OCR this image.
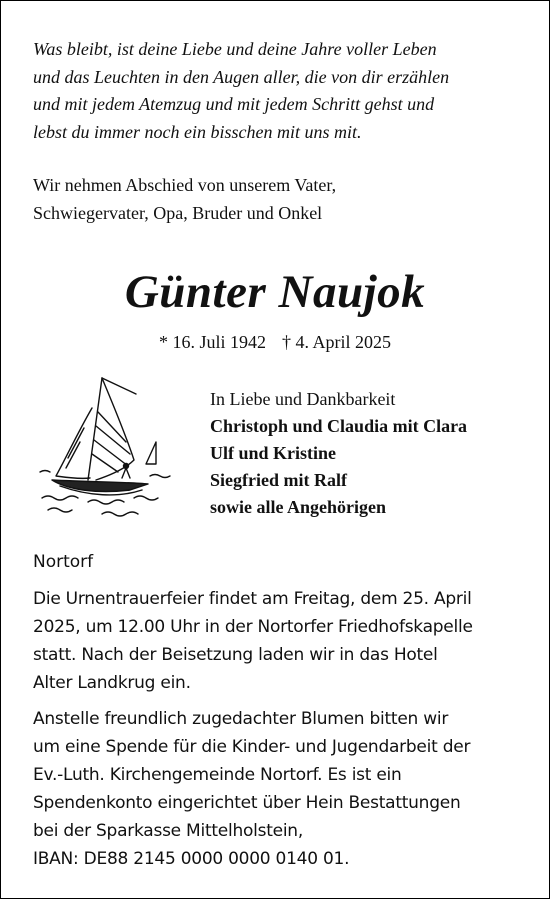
Was bleibt, ist deine Liebe und deine Jahre voller Leben
und das Leuchten in den Augen aller, die von dir erzählen
und mit jedem Atemzug und mit jedem Schritt gehst und
lebst du immer noch ein bisschen mit uns mit.
Wir nehmen Abschied von unserem Vater,
Schwiegervater, Opa, Bruder und Onkel
Günter Naujok
* 16. Juli 1942 † 4. April 2025
In Liebe und Dankbarkeit
Christoph und Claudia mit Clara
Ulf und Kristine
Siegfried mit Ralf
sowie alle Angehörigen
Nortorf
Die Urnentrauerfeier findet am Freitag, dem 25. April
2025, um 12.00 Uhr in der Nortorfer Friedhofskapelle
statt. Nach der Beisetzung laden wir in das Hotel
Alter Landkrug ein.
Anstelle freundlich zugedachter Blumen bitten wir
um eine Spende für die Kinder- und Jugendarbeit der
Ev.-Luth. Kirchengemeinde Nortorf. Es ist ein
Spendenkonto eingerichtet über Hein Bestattungen
bei der Sparkasse Mittelholstein,
IBAN: DE88 2145 0000 0000 0140 01.
